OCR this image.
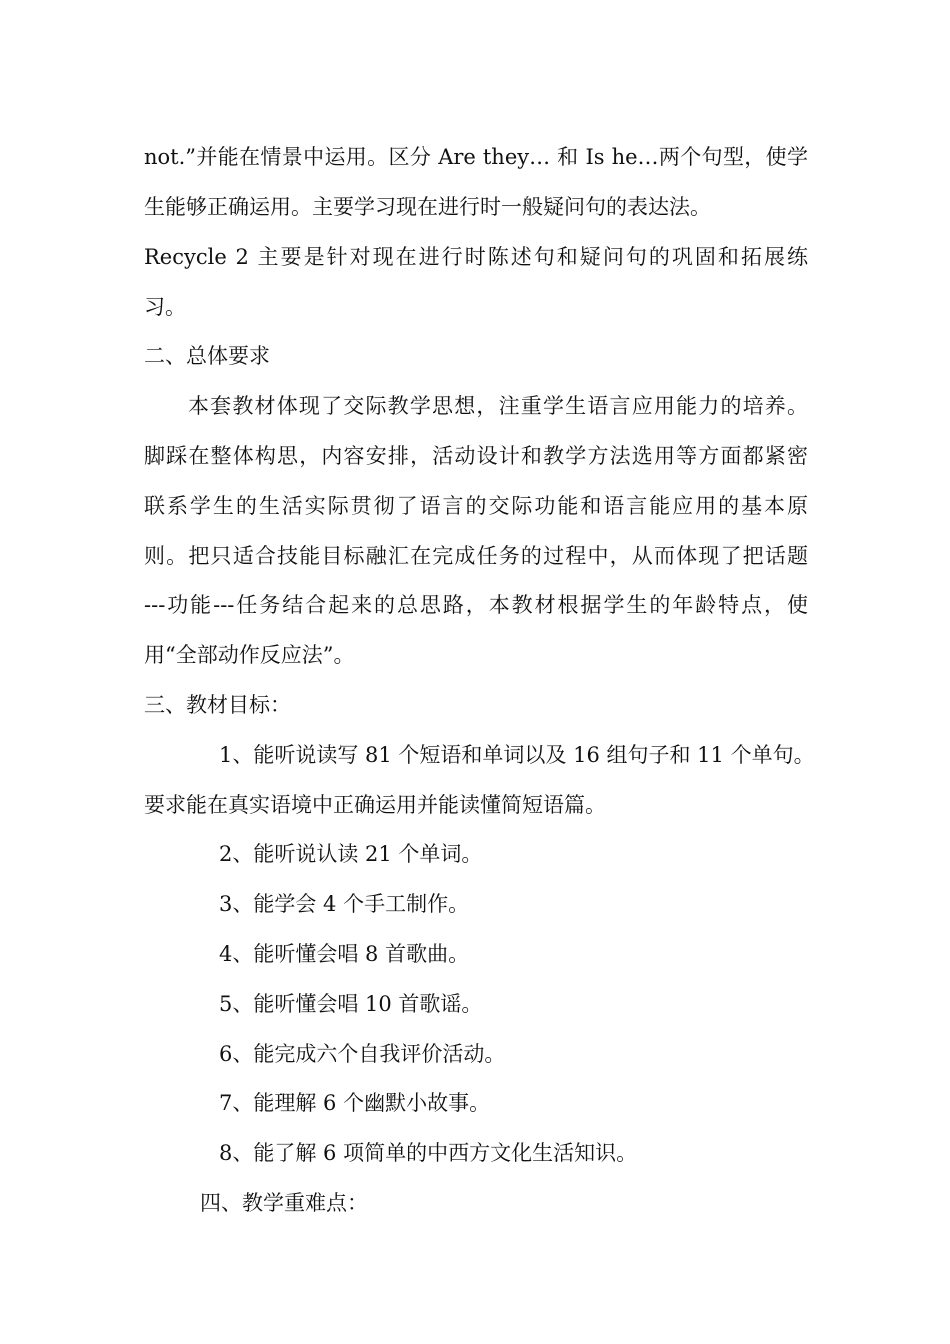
not.”并能在情景中运用。区分 Are they… 和 Is he…两个句型，使学

生能够正确运用。主要学习现在进行时一般疑问句的表达法。

Recycle 2 主要是针对现在进行时陈述句和疑问句的巩固和拓展练

习。

二、总体要求

本套教材体现了交际教学思想，注重学生语言应用能力的培养。

脚踩在整体构思，内容安排，活动设计和教学方法选用等方面都紧密

联系学生的生活实际贯彻了语言的交际功能和语言能应用的基本原

则。把只适合技能目标融汇在完成任务的过程中，从而体现了把话题

---功能---任务结合起来的总思路，本教材根据学生的年龄特点，使

用“全部动作反应法”。

三、教材目标：

1、能听说读写 81 个短语和单词以及 16 组句子和 11 个单句。

要求能在真实语境中正确运用并能读懂简短语篇。

2、能听说认读 21 个单词。

3、能学会 4 个手工制作。

4、能听懂会唱 8 首歌曲。

5、能听懂会唱 10 首歌谣。

6、能完成六个自我评价活动。

7、能理解 6 个幽默小故事。

8、能了解 6 项简单的中西方文化生活知识。

四、教学重难点：
